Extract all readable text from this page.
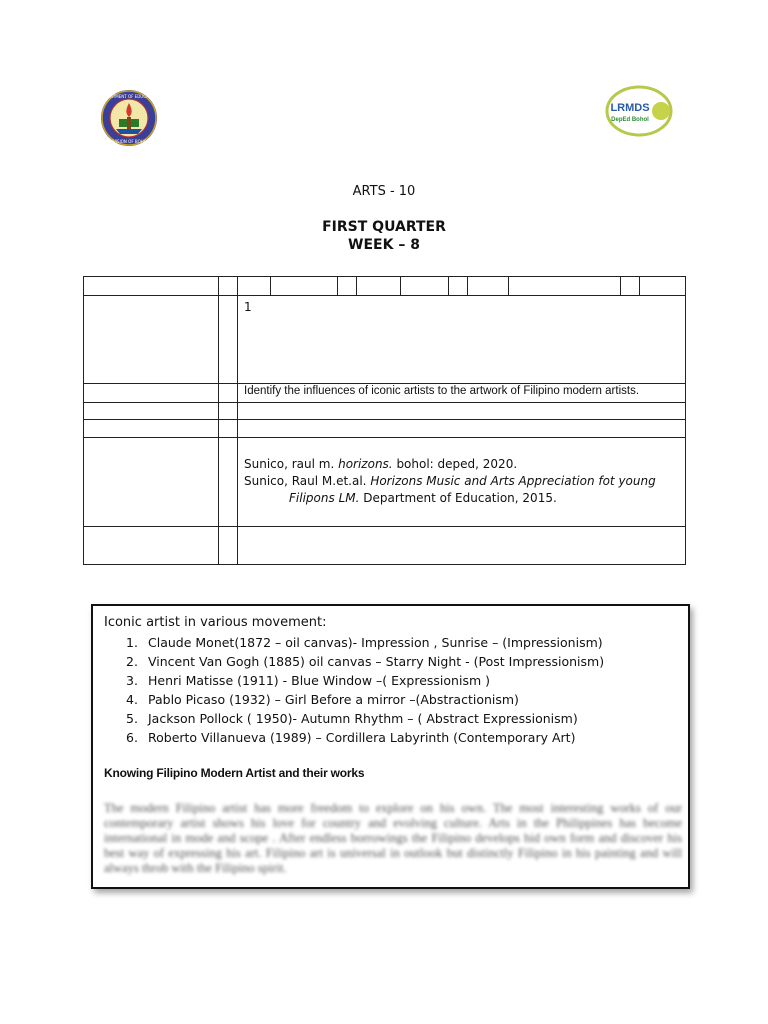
DEPARTMENT OF EDUCATION
DIVISION OF BOHOL
LRMDS
DepEd Bohol
ARTS - 10
FIRST QUARTER
WEEK – 8

		1									
		Identify the influences of iconic artists to the artwork of Filipino modern artists.									

		Sunico, raul m. horizons. bohol: deped, 2020.
Sunico, Raul M.et.al. Horizons Music and Arts Appreciation fot young Filipons LM. Department of Education, 2015.									

Iconic artist in various movement:
1. Claude Monet(1872 – oil canvas)- Impression , Sunrise – (Impressionism)
2. Vincent Van Gogh (1885) oil canvas – Starry Night - (Post Impressionism)
3. Henri Matisse (1911) - Blue Window –( Expressionism )
4. Pablo Picaso (1932) – Girl Before a mirror –(Abstractionism)
5. Jackson Pollock ( 1950)- Autumn Rhythm – ( Abstract Expressionism)
6. Roberto Villanueva (1989) – Cordillera Labyrinth (Contemporary Art)
Knowing Filipino Modern Artist and their works
The modern Filipino artist has more freedom to explore on his own. The most interesting works of our contemporary artist shows his love for country and evolving culture. Arts in the Philippines has become international in mode and scope . After endless borrowings the Filipino develops hid own form and discover his best way of expressing his art. Filipino art is universal in outlook but distinctly Filipino in his painting and will always throb with the Filipino spirit.
